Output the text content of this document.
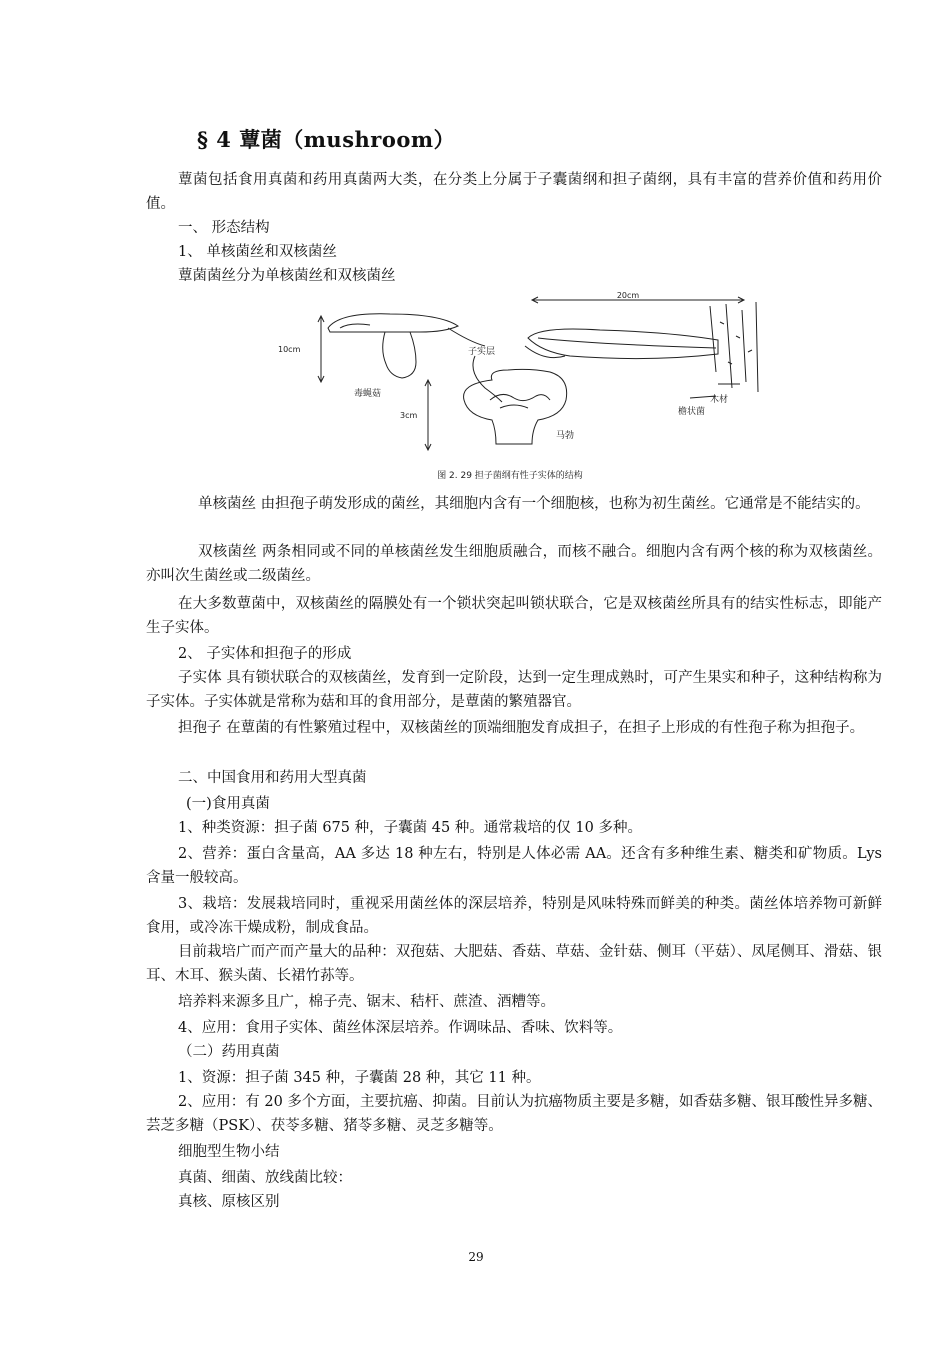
§ 4 蕈菌（mushroom）
蕈菌包括食用真菌和药用真菌两大类，在分类上分属于子囊菌纲和担子菌纲，具有丰富的营养价值和药用价值。
一、 形态结构
1、 单核菌丝和双核菌丝
蕈菌菌丝分为单核菌丝和双核菌丝
20cm
10cm
3cm
子实层
毒蝇菇
木材
檐状菌
马勃
图 2. 29 担子菌纲有性子实体的结构
单核菌丝 由担孢子萌发形成的菌丝，其细胞内含有一个细胞核，也称为初生菌丝。它通常是不能结实的。
双核菌丝 两条相同或不同的单核菌丝发生细胞质融合，而核不融合。细胞内含有两个核的称为双核菌丝。亦叫次生菌丝或二级菌丝。
在大多数蕈菌中，双核菌丝的隔膜处有一个锁状突起叫锁状联合，它是双核菌丝所具有的结实性标志，即能产生子实体。
2、 子实体和担孢子的形成
子实体 具有锁状联合的双核菌丝，发育到一定阶段，达到一定生理成熟时，可产生果实和种子，这种结构称为子实体。子实体就是常称为菇和耳的食用部分，是蕈菌的繁殖器官。
担孢子 在蕈菌的有性繁殖过程中，双核菌丝的顶端细胞发育成担子，在担子上形成的有性孢子称为担孢子。
二、中国食用和药用大型真菌
(一)食用真菌
1、种类资源：担子菌 675 种，子囊菌 45 种。通常栽培的仅 10 多种。
2、营养：蛋白含量高，AA 多达 18 种左右，特别是人体必需 AA。还含有多种维生素、糖类和矿物质。Lys 含量一般较高。
3、栽培：发展栽培同时，重视采用菌丝体的深层培养，特别是风味特殊而鲜美的种类。菌丝体培养物可新鲜食用，或冷冻干燥成粉，制成食品。
目前栽培广而产而产量大的品种：双孢菇、大肥菇、香菇、草菇、金针菇、侧耳（平菇）、凤尾侧耳、滑菇、银耳、木耳、猴头菌、长裙竹荪等。
培养料来源多且广，棉子壳、锯末、秸杆、蔗渣、酒糟等。
4、应用：食用子实体、菌丝体深层培养。作调味品、香味、饮料等。
（二）药用真菌
1、资源：担子菌 345 种，子囊菌 28 种，其它 11 种。
2、应用：有 20 多个方面，主要抗癌、抑菌。目前认为抗癌物质主要是多糖，如香菇多糖、银耳酸性异多糖、芸芝多糖（PSK）、茯苓多糖、猪苓多糖、灵芝多糖等。
细胞型生物小结
真菌、细菌、放线菌比较：
真核、原核区别
29
